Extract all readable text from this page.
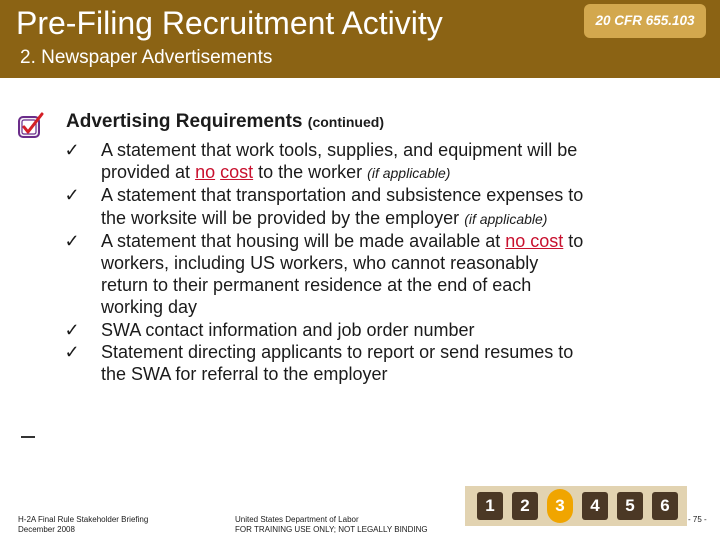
Pre-Filing Recruitment Activity	20 CFR 655.103
2. Newspaper Advertisements
Advertising Requirements (continued)
✓ A statement that work tools, supplies, and equipment will be provided at no cost to the worker (if applicable)
✓ A statement that transportation and subsistence expenses to the worksite will be provided by the employer (if applicable)
✓ A statement that housing will be made available at no cost to workers, including US workers, who cannot reasonably return to their permanent residence at the end of each working day
✓ SWA contact information and job order number
✓ Statement directing applicants to report or send resumes to the SWA for referral to the employer
H-2A Final Rule Stakeholder Briefing
December 2008
United States Department of Labor
FOR TRAINING USE ONLY; NOT LEGALLY BINDING
1	2	3	4	5	6
- 75 -
